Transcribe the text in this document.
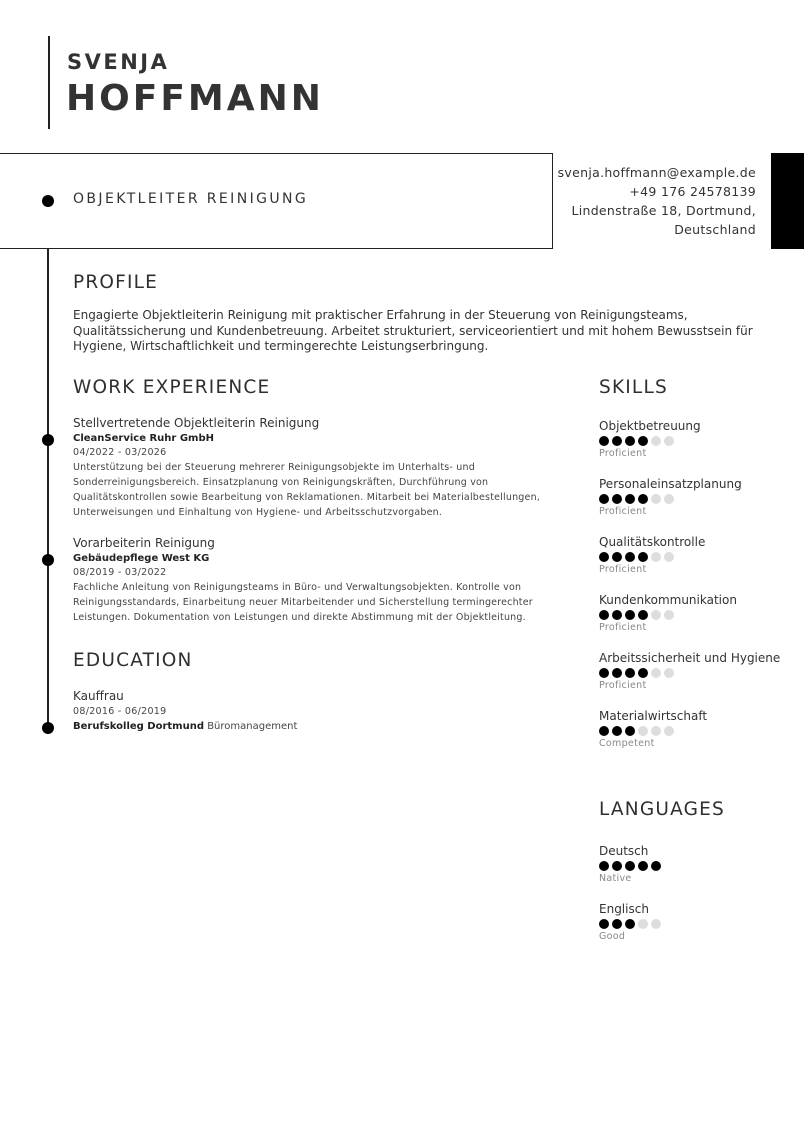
SVENJA
HOFFMANN
OBJEKTLEITER REINIGUNG
svenja.hoffmann@example.de
+49 176 24578139
Lindenstraße 18, Dortmund,
Deutschland
PROFILE
Engagierte Objektleiterin Reinigung mit praktischer Erfahrung in der Steuerung von Reinigungsteams, Qualitätssicherung und Kundenbetreuung. Arbeitet strukturiert, serviceorientiert und mit hohem Bewusstsein für Hygiene, Wirtschaftlichkeit und termingerechte Leistungserbringung.
WORK EXPERIENCE
Stellvertretende Objektleiterin Reinigung
CleanService Ruhr GmbH
04/2022 - 03/2026
Unterstützung bei der Steuerung mehrerer Reinigungsobjekte im Unterhalts- und Sonderreinigungsbereich. Einsatzplanung von Reinigungskräften, Durchführung von Qualitätskontrollen sowie Bearbeitung von Reklamationen. Mitarbeit bei Materialbestellungen, Unterweisungen und Einhaltung von Hygiene- und Arbeitsschutzvorgaben.
Vorarbeiterin Reinigung
Gebäudepflege West KG
08/2019 - 03/2022
Fachliche Anleitung von Reinigungsteams in Büro- und Verwaltungsobjekten. Kontrolle von Reinigungsstandards, Einarbeitung neuer Mitarbeitender und Sicherstellung termingerechter Leistungen. Dokumentation von Leistungen und direkte Abstimmung mit der Objektleitung.
EDUCATION
Kauffrau
08/2016 - 06/2019
Berufskolleg Dortmund Büromanagement
SKILLS
Objektbetreuung
Proficient
Personaleinsatzplanung
Proficient
Qualitätskontrolle
Proficient
Kundenkommunikation
Proficient
Arbeitssicherheit und Hygiene
Proficient
Materialwirtschaft
Competent
LANGUAGES
Deutsch
Native
Englisch
Good
